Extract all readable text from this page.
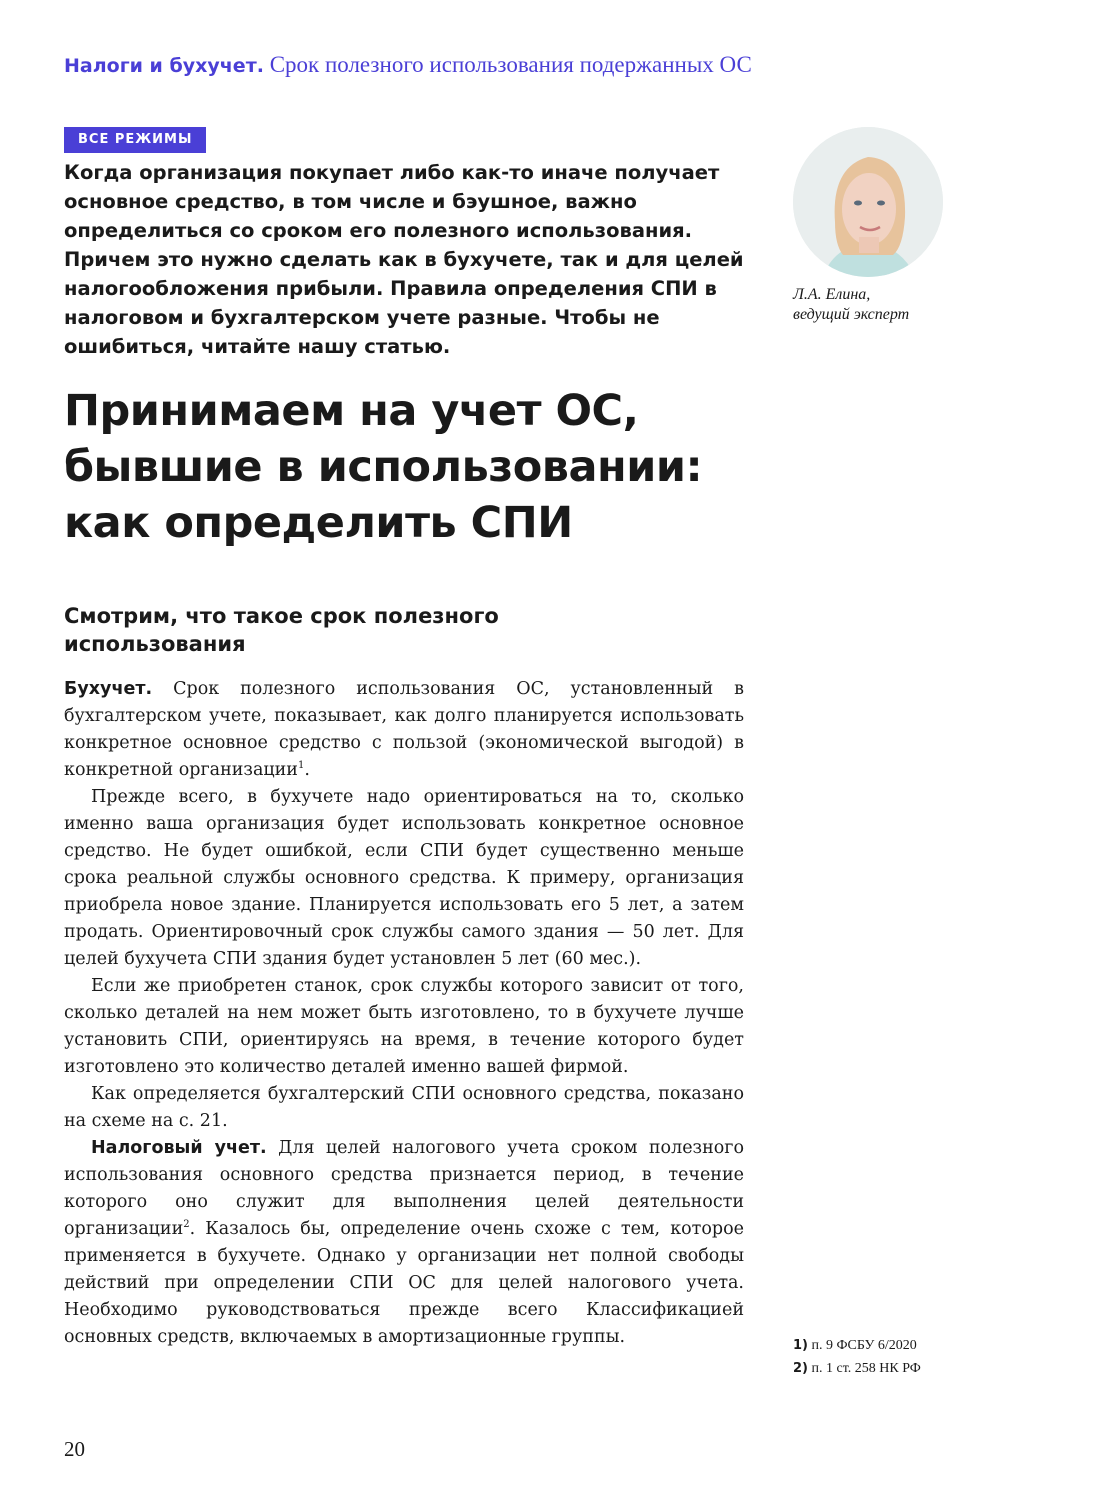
Налоги и бухучет. Срок полезного использования подержанных ОС
ВСЕ РЕЖИМЫ

Когда организация покупает либо как-то иначе получает основное средство, в том числе и бэушное, важно определиться со сроком его полезного использования. Причем это нужно сделать как в бухучете, так и для целей налогообложения прибыли. Правила определения СПИ в налоговом и бухгалтерском учете разные. Чтобы не ошибиться, читайте нашу статью.

Л.А. Елина,
ведущий эксперт
Принимаем на учет ОС,
бывшие в использовании:
как определить СПИ
Смотрим, что такое срок полезного использования

Бухучет. Срок полезного использования ОС, установленный в бухгалтерском учете, показывает, как долго планируется использовать конкретное основное средство с пользой (экономической выгодой) в конкретной организации$^1$.

Прежде всего, в бухучете надо ориентироваться на то, сколько именно ваша организация будет использовать конкретное основное средство. Не будет ошибкой, если СПИ будет существенно меньше срока реальной службы основного средства. К примеру, организация приобрела новое здание. Планируется использовать его 5 лет, а затем продать. Ориентировочный срок службы самого здания — 50 лет. Для целей бухучета СПИ здания будет установлен 5 лет (60 мес.).

Если же приобретен станок, срок службы которого зависит от того, сколько деталей на нем может быть изготовлено, то в бухучете лучше установить СПИ, ориентируясь на время, в течение которого будет изготовлено это количество деталей именно вашей фирмой.

Как определяется бухгалтерский СПИ основного средства, показано на схеме на с. 21.

Налоговый учет. Для целей налогового учета сроком полезного использования основного средства признается период, в течение которого оно служит для выполнения целей деятельности организации$^2$. Казалось бы, определение очень схоже с тем, которое применяется в бухучете. Однако у организации нет полной свободы действий при определении СПИ ОС для целей налогового учета. Необходимо руководствоваться прежде всего Классификацией основных средств, включаемых в амортизационные группы.	1) п. 9 ФСБУ 6/2020
2) п. 1 ст. 258 НК РФ
20
